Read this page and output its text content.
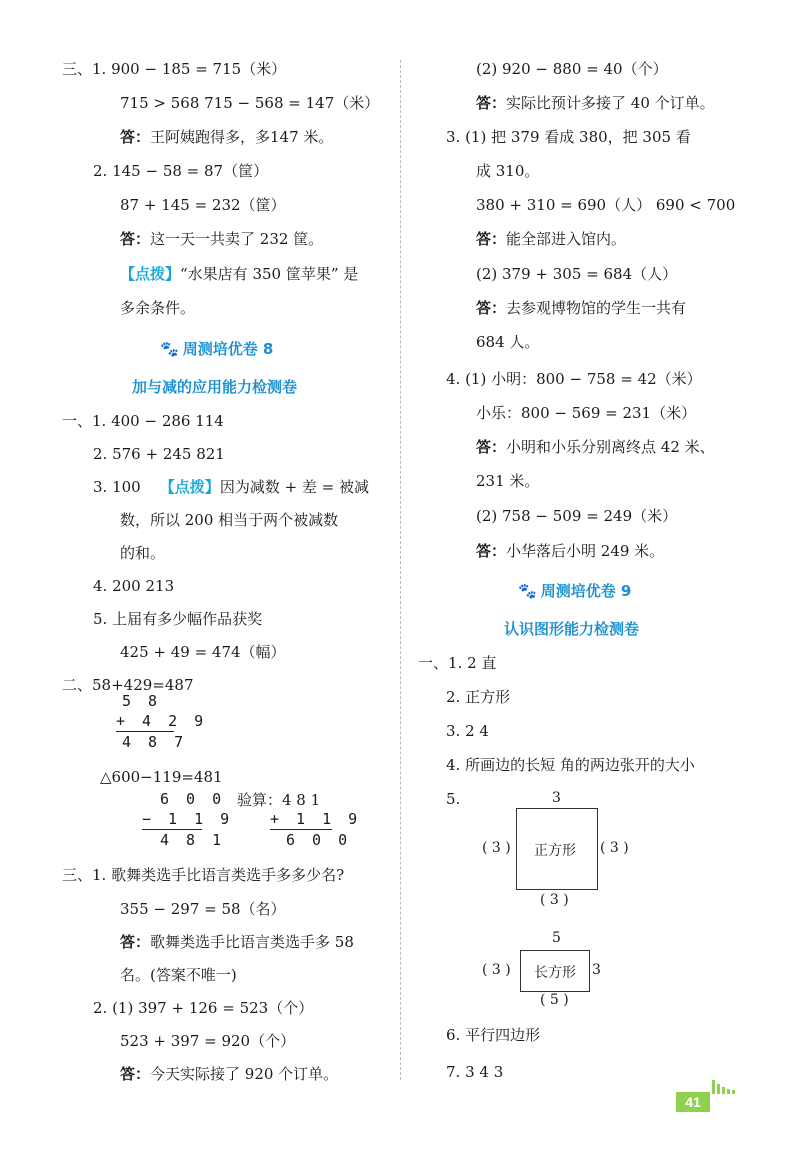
三、1. 900 − 185 = 715（米）
715 > 568 715 − 568 = 147（米）
答：王阿姨跑得多，多147 米。
2. 145 − 58 = 87（筐）
87 + 145 = 232（筐）
答：这一天一共卖了 232 筐。
【点拨】“水果店有 350 筐苹果” 是
多余条件。
🐾 周测培优卷 8
加与减的应用能力检测卷
一、1. 400 − 286 114
2. 576 + 245 821
3. 100 【点拨】因为减数 + 差 = 被减
数，所以 200 相当于两个被减数
的和。
4. 200 213
5. 上届有多少幅作品获奖
425 + 49 = 474（幅）
二、58+429=487
5 8
+ 4 2 9
4 8 7
△600−119=481
6 0 0
− 1 1 9
4 8 1
验算：4 8 1
+ 1 1 9
6 0 0
三、1. 歌舞类选手比语言类选手多多少名?
355 − 297 = 58（名）
答：歌舞类选手比语言类选手多 58
名。(答案不唯一)
2. (1) 397 + 126 = 523（个）
523 + 397 = 920（个）
答：今天实际接了 920 个订单。
(2) 920 − 880 = 40（个）
答：实际比预计多接了 40 个订单。
3. (1) 把 379 看成 380，把 305 看
成 310。
380 + 310 = 690（人） 690 < 700
答：能全部进入馆内。
(2) 379 + 305 = 684（人）
答：去参观博物馆的学生一共有
684 人。
4. (1) 小明：800 − 758 = 42（米）
小乐：800 − 569 = 231（米）
答：小明和小乐分别离终点 42 米、
231 米。
(2) 758 − 509 = 249（米）
答：小华落后小明 249 米。
🐾 周测培优卷 9
认识图形能力检测卷
一、1. 2 直
2. 正方形
3. 2 4
4. 所画边的长短 角的两边张开的大小
5.	3
( 3 ) 正方形 ( 3 )
( 3 )
5
( 3 ) 长方形 3
( 5 )
6. 平行四边形
7. 3 4 3
41
